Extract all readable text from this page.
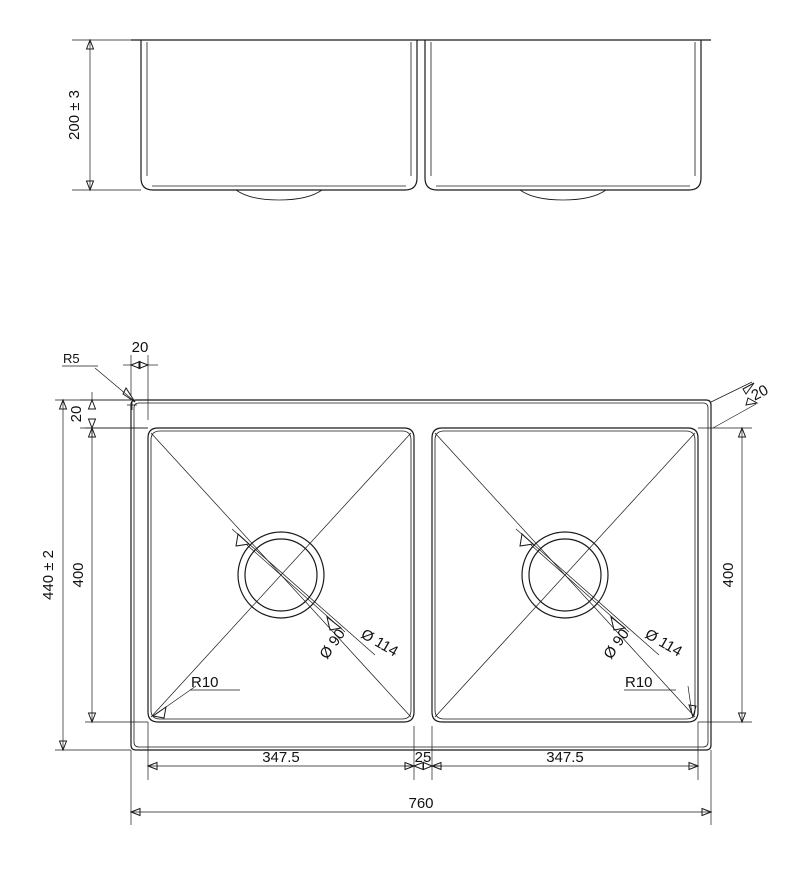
200 ± 3
Ø 114
Ø 90	Ø 114
Ø 90
R10	R10
R5
20
20
20
400
440 ± 2	400
347.5	25	347.5
760
